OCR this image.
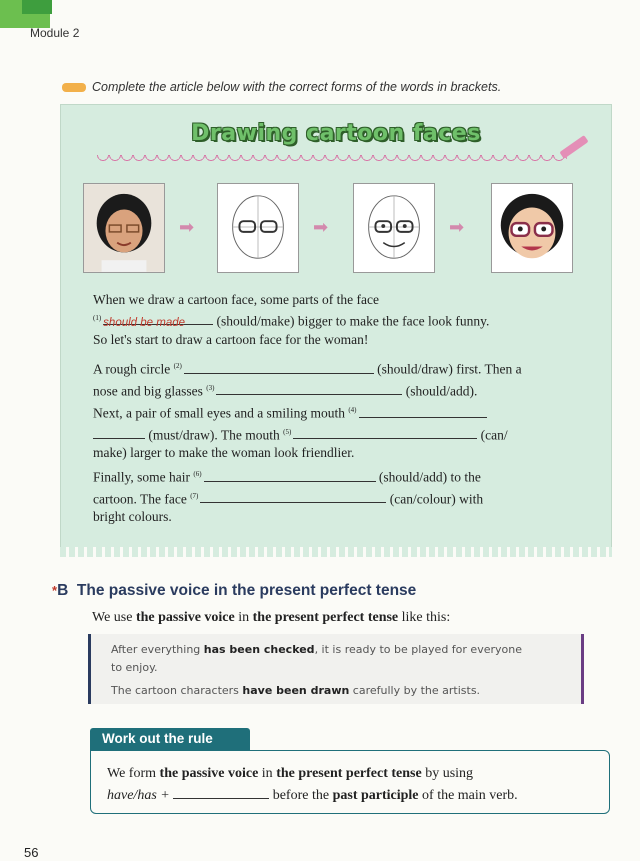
Module 2
Complete the article below with the correct forms of the words in brackets.
Drawing cartoon faces
➡	➡	➡
When we draw a cartoon face, some parts of the face
$^{(1)}$ should be made (should/make) bigger to make the face look funny.
So let's start to draw a cartoon face for the woman!
A rough circle $^{(2)}$	(should/draw) first. Then a
nose and big glasses $^{(3)}$	(should/add).
Next, a pair of small eyes and a smiling mouth $^{(4)}$
(must/draw). The mouth $^{(5)}$	(can/
make) larger to make the woman look friendlier.
Finally, some hair $^{(6)}$	(should/add) to the
cartoon. The face $^{(7)}$	(can/colour) with
bright colours.
*B The passive voice in the present perfect tense
We use the passive voice in the present perfect tense like this:
After everything has been checked, it is ready to be played for everyone
to enjoy.
The cartoon characters have been drawn carefully by the artists.
Work out the rule
We form the passive voice in the present perfect tense by using
have/has +	before the past participle of the main verb.
56
